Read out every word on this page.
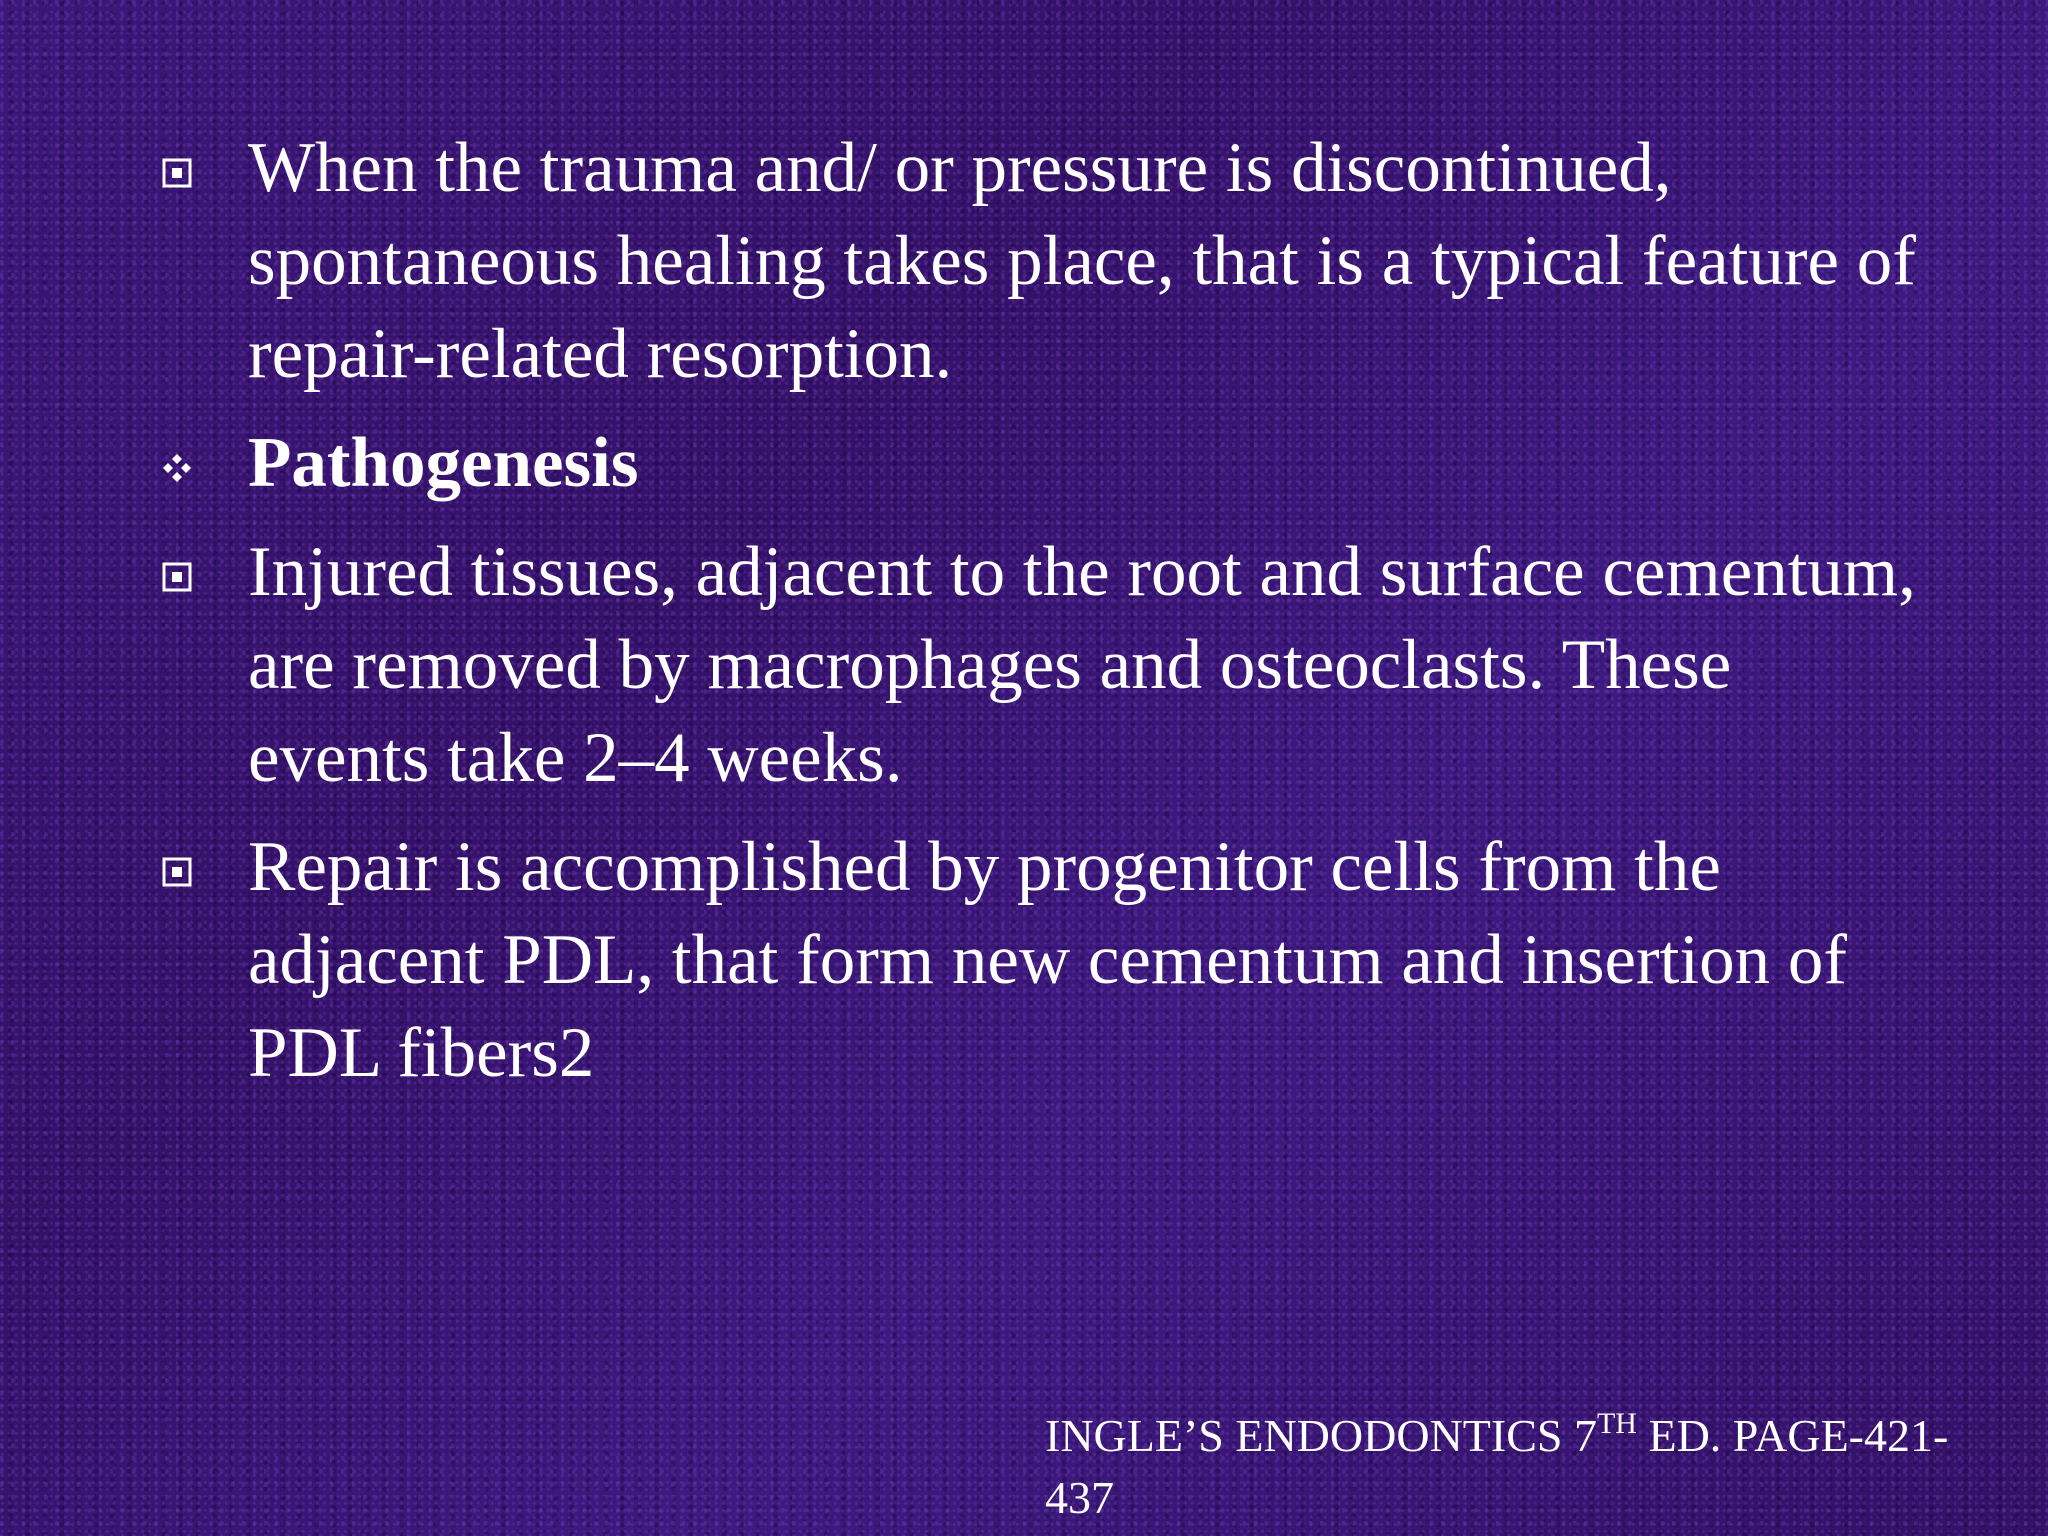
When the trauma and/ or pressure is discontinued, spontaneous healing takes place, that is a typical feature of repair-related resorption.
Pathogenesis
Injured tissues, adjacent to the root and surface cementum, are removed by macrophages and osteoclasts. These events take 2–4 weeks.
Repair is accomplished by progenitor cells from the adjacent PDL, that form new cementum and insertion of PDL fibers2
INGLE’S ENDODONTICS 7TH ED. PAGE-421-437
